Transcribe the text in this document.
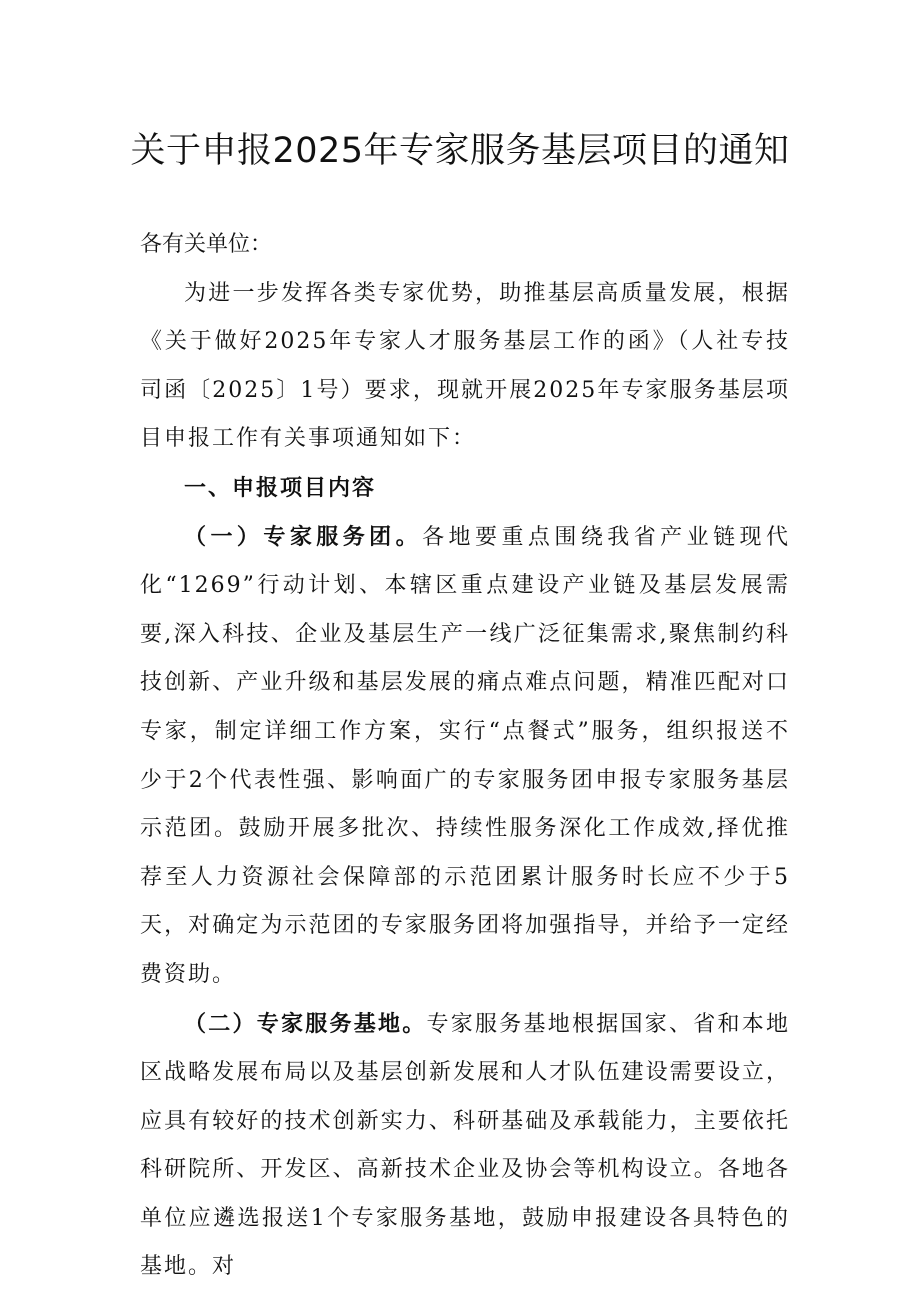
关于申报2025年专家服务基层项目的通知

各有关单位：

为进一步发挥各类专家优势，助推基层高质量发展，根据《关于做好2025年专家人才服务基层工作的函》（人社专技司函〔2025〕1号）要求，现就开展2025年专家服务基层项目申报工作有关事项通知如下：

一、申报项目内容

（一）专家服务团。各地要重点围绕我省产业链现代化“1269”行动计划、本辖区重点建设产业链及基层发展需要,深入科技、企业及基层生产一线广泛征集需求,聚焦制约科技创新、产业升级和基层发展的痛点难点问题，精准匹配对口专家，制定详细工作方案，实行“点餐式”服务，组织报送不少于2个代表性强、影响面广的专家服务团申报专家服务基层示范团。鼓励开展多批次、持续性服务深化工作成效,择优推荐至人力资源社会保障部的示范团累计服务时长应不少于5天，对确定为示范团的专家服务团将加强指导，并给予一定经费资助。

（二）专家服务基地。专家服务基地根据国家、省和本地区战略发展布局以及基层创新发展和人才队伍建设需要设立，应具有较好的技术创新实力、科研基础及承载能力，主要依托科研院所、开发区、高新技术企业及协会等机构设立。各地各单位应遴选报送1个专家服务基地，鼓励申报建设各具特色的基地。对
